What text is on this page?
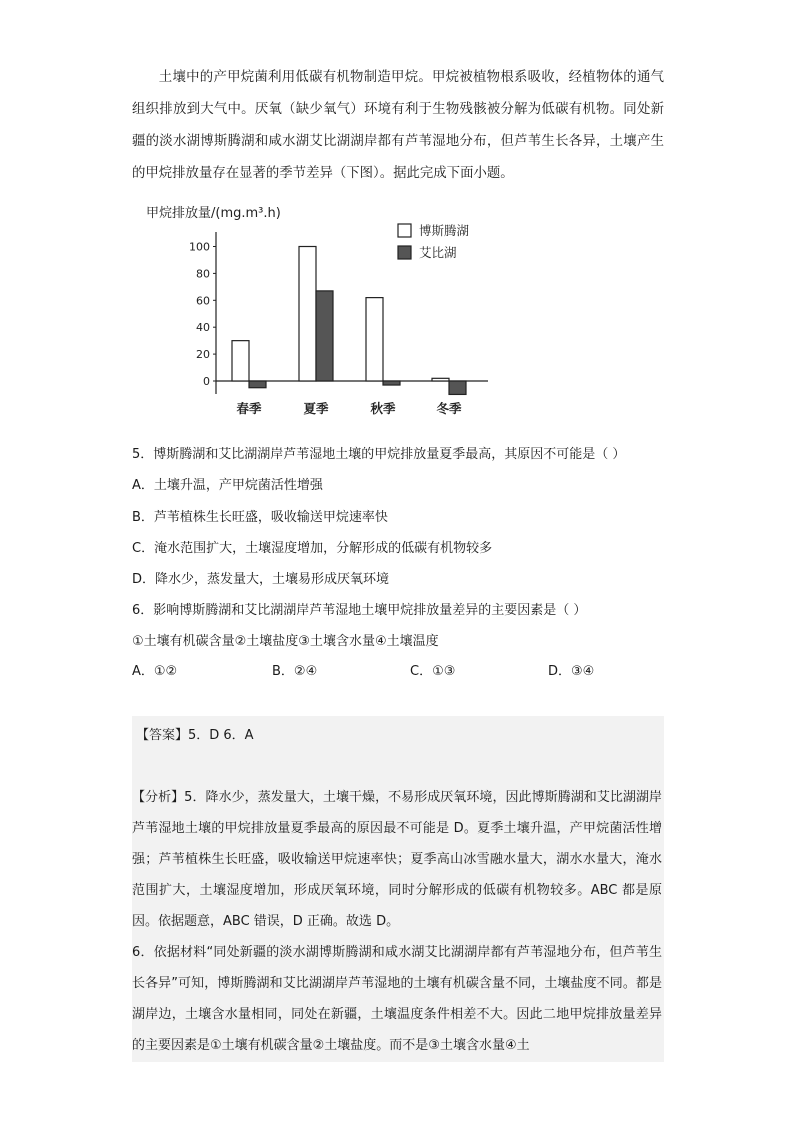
土壤中的产甲烷菌利用低碳有机物制造甲烷。甲烷被植物根系吸收，经植物体的通气组织排放到大气中。厌氧（缺少氧气）环境有利于生物残骸被分解为低碳有机物。同处新疆的淡水湖博斯腾湖和咸水湖艾比湖湖岸都有芦苇湿地分布，但芦苇生长各异，土壤产生的甲烷排放量存在显著的季节差异（下图）。据此完成下面小题。

甲烷排放量/(mg.m³.h)
博斯腾湖
艾比湖
100
80
60
40
20
0
春季	夏季	秋季	冬季
5．博斯腾湖和艾比湖湖岸芦苇湿地土壤的甲烷排放量夏季最高，其原因不可能是（ ）
A．土壤升温，产甲烷菌活性增强
B．芦苇植株生长旺盛，吸收输送甲烷速率快
C．淹水范围扩大，土壤湿度增加，分解形成的低碳有机物较多
D．降水少，蒸发量大，土壤易形成厌氧环境
6．影响博斯腾湖和艾比湖湖岸芦苇湿地土壤甲烷排放量差异的主要因素是（ ）
①土壤有机碳含量②土壤盐度③土壤含水量④土壤温度
A．①②	B．②④	C．①③	D．③④
【答案】5．D 6．A

【分析】5．降水少，蒸发量大，土壤干燥，不易形成厌氧环境，因此博斯腾湖和艾比湖湖岸芦苇湿地土壤的甲烷排放量夏季最高的原因最不可能是 D。夏季土壤升温，产甲烷菌活性增强；芦苇植株生长旺盛，吸收输送甲烷速率快；夏季高山冰雪融水量大，湖水水量大，淹水范围扩大，土壤湿度增加，形成厌氧环境，同时分解形成的低碳有机物较多。ABC 都是原因。依据题意，ABC 错误，D 正确。故选 D。

6．依据材料“同处新疆的淡水湖博斯腾湖和咸水湖艾比湖湖岸都有芦苇湿地分布，但芦苇生长各异”可知，博斯腾湖和艾比湖湖岸芦苇湿地的土壤有机碳含量不同，土壤盐度不同。都是湖岸边，土壤含水量相同，同处在新疆，土壤温度条件相差不大。因此二地甲烷排放量差异的主要因素是①土壤有机碳含量②土壤盐度。而不是③土壤含水量④土
